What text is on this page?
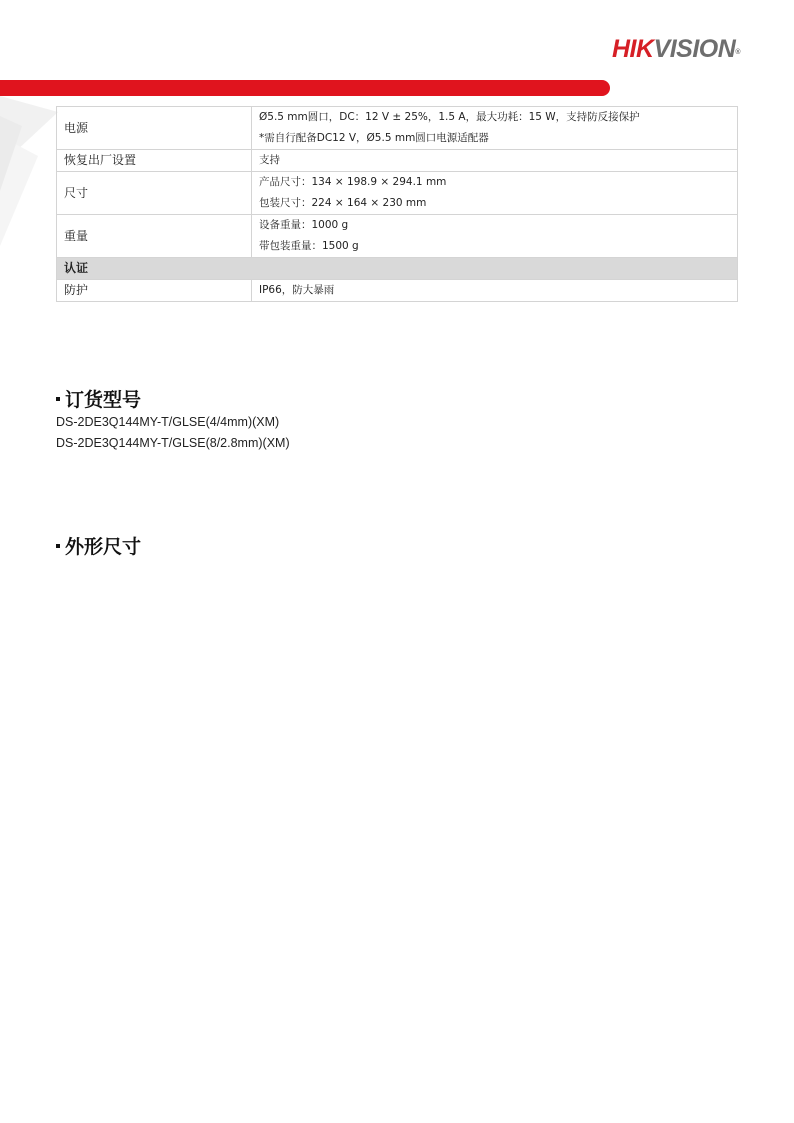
HIKVISION®
电源	Ø5.5 mm圆口，DC：12 V ± 25%，1.5 A，最大功耗：15 W，支持防反接保护
*需自行配备DC12 V，Ø5.5 mm圆口电源适配器

恢复出厂设置	支持

尺寸	产品尺寸：134 × 198.9 × 294.1 mm
包装尺寸：224 × 164 × 230 mm

重量	设备重量：1000 g
带包装重量：1500 g

认证	
防护	IP66，防大暴雨
订货型号
DS-2DE3Q144MY-T/GLSE(4/4mm)(XM)
DS-2DE3Q144MY-T/GLSE(8/2.8mm)(XM)
外形尺寸
